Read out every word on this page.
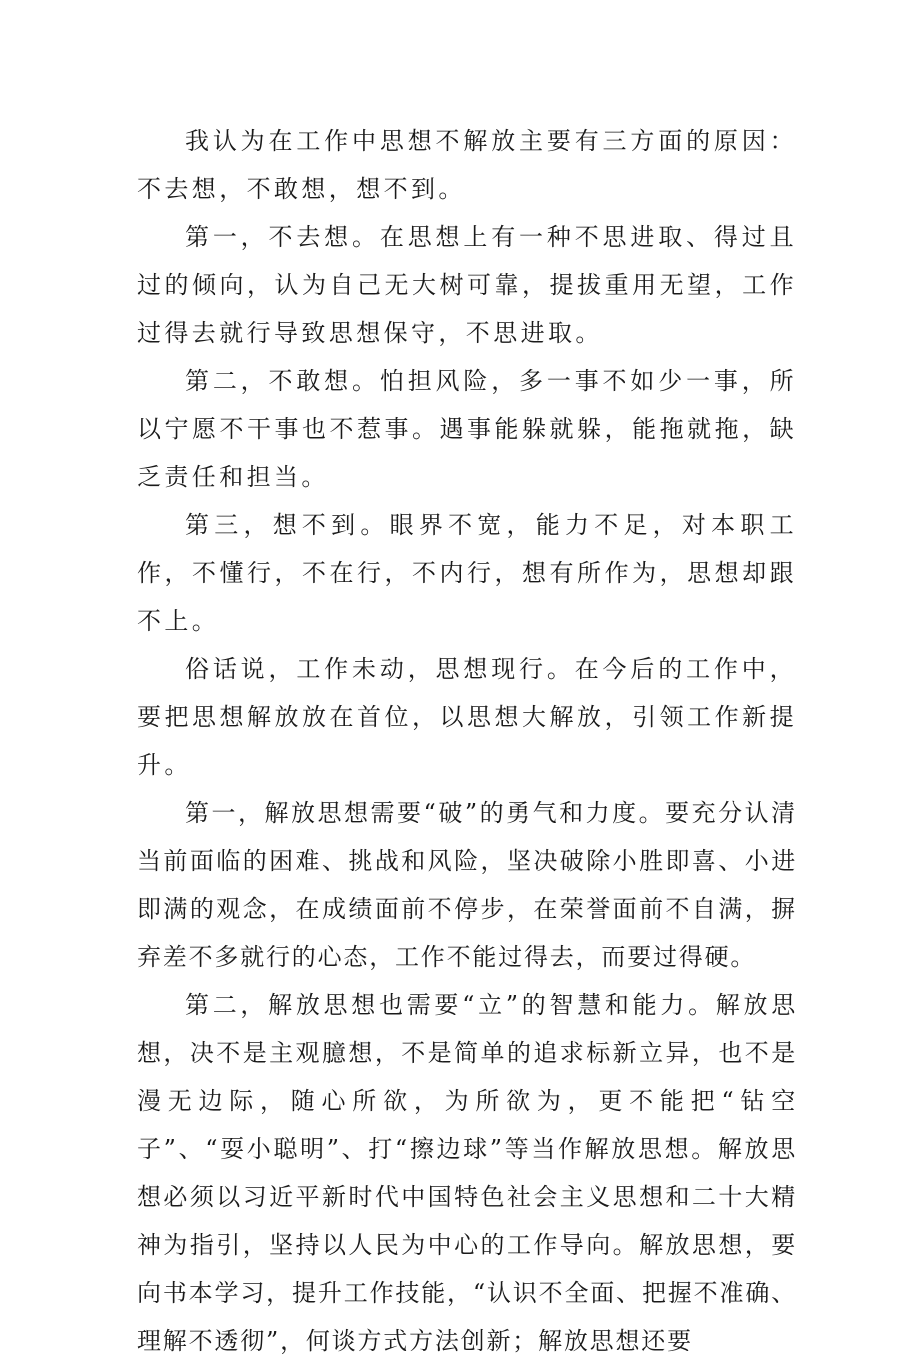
我认为在工作中思想不解放主要有三方面的原因：不去想，不敢想，想不到。

第一，不去想。在思想上有一种不思进取、得过且过的倾向，认为自己无大树可靠，提拔重用无望，工作过得去就行导致思想保守，不思进取。

第二，不敢想。怕担风险，多一事不如少一事，所以宁愿不干事也不惹事。遇事能躲就躲，能拖就拖，缺乏责任和担当。

第三，想不到。眼界不宽，能力不足，对本职工作，不懂行，不在行，不内行，想有所作为，思想却跟不上。

俗话说，工作未动，思想现行。在今后的工作中，要把思想解放放在首位，以思想大解放，引领工作新提升。

第一，解放思想需要“破”的勇气和力度。要充分认清当前面临的困难、挑战和风险，坚决破除小胜即喜、小进即满的观念，在成绩面前不停步，在荣誉面前不自满，摒弃差不多就行的心态，工作不能过得去，而要过得硬。

第二，解放思想也需要“立”的智慧和能力。解放思想，决不是主观臆想，不是简单的追求标新立异，也不是漫无边际，随心所欲，为所欲为，更不能把“钻空子”、“耍小聪明”、打“擦边球”等当作解放思想。解放思想必须以习近平新时代中国特色社会主义思想和二十大精神为指引，坚持以人民为中心的工作导向。解放思想，要向书本学习，提升工作技能，“认识不全面、把握不准确、理解不透彻”，何谈方式方法创新；解放思想还要
